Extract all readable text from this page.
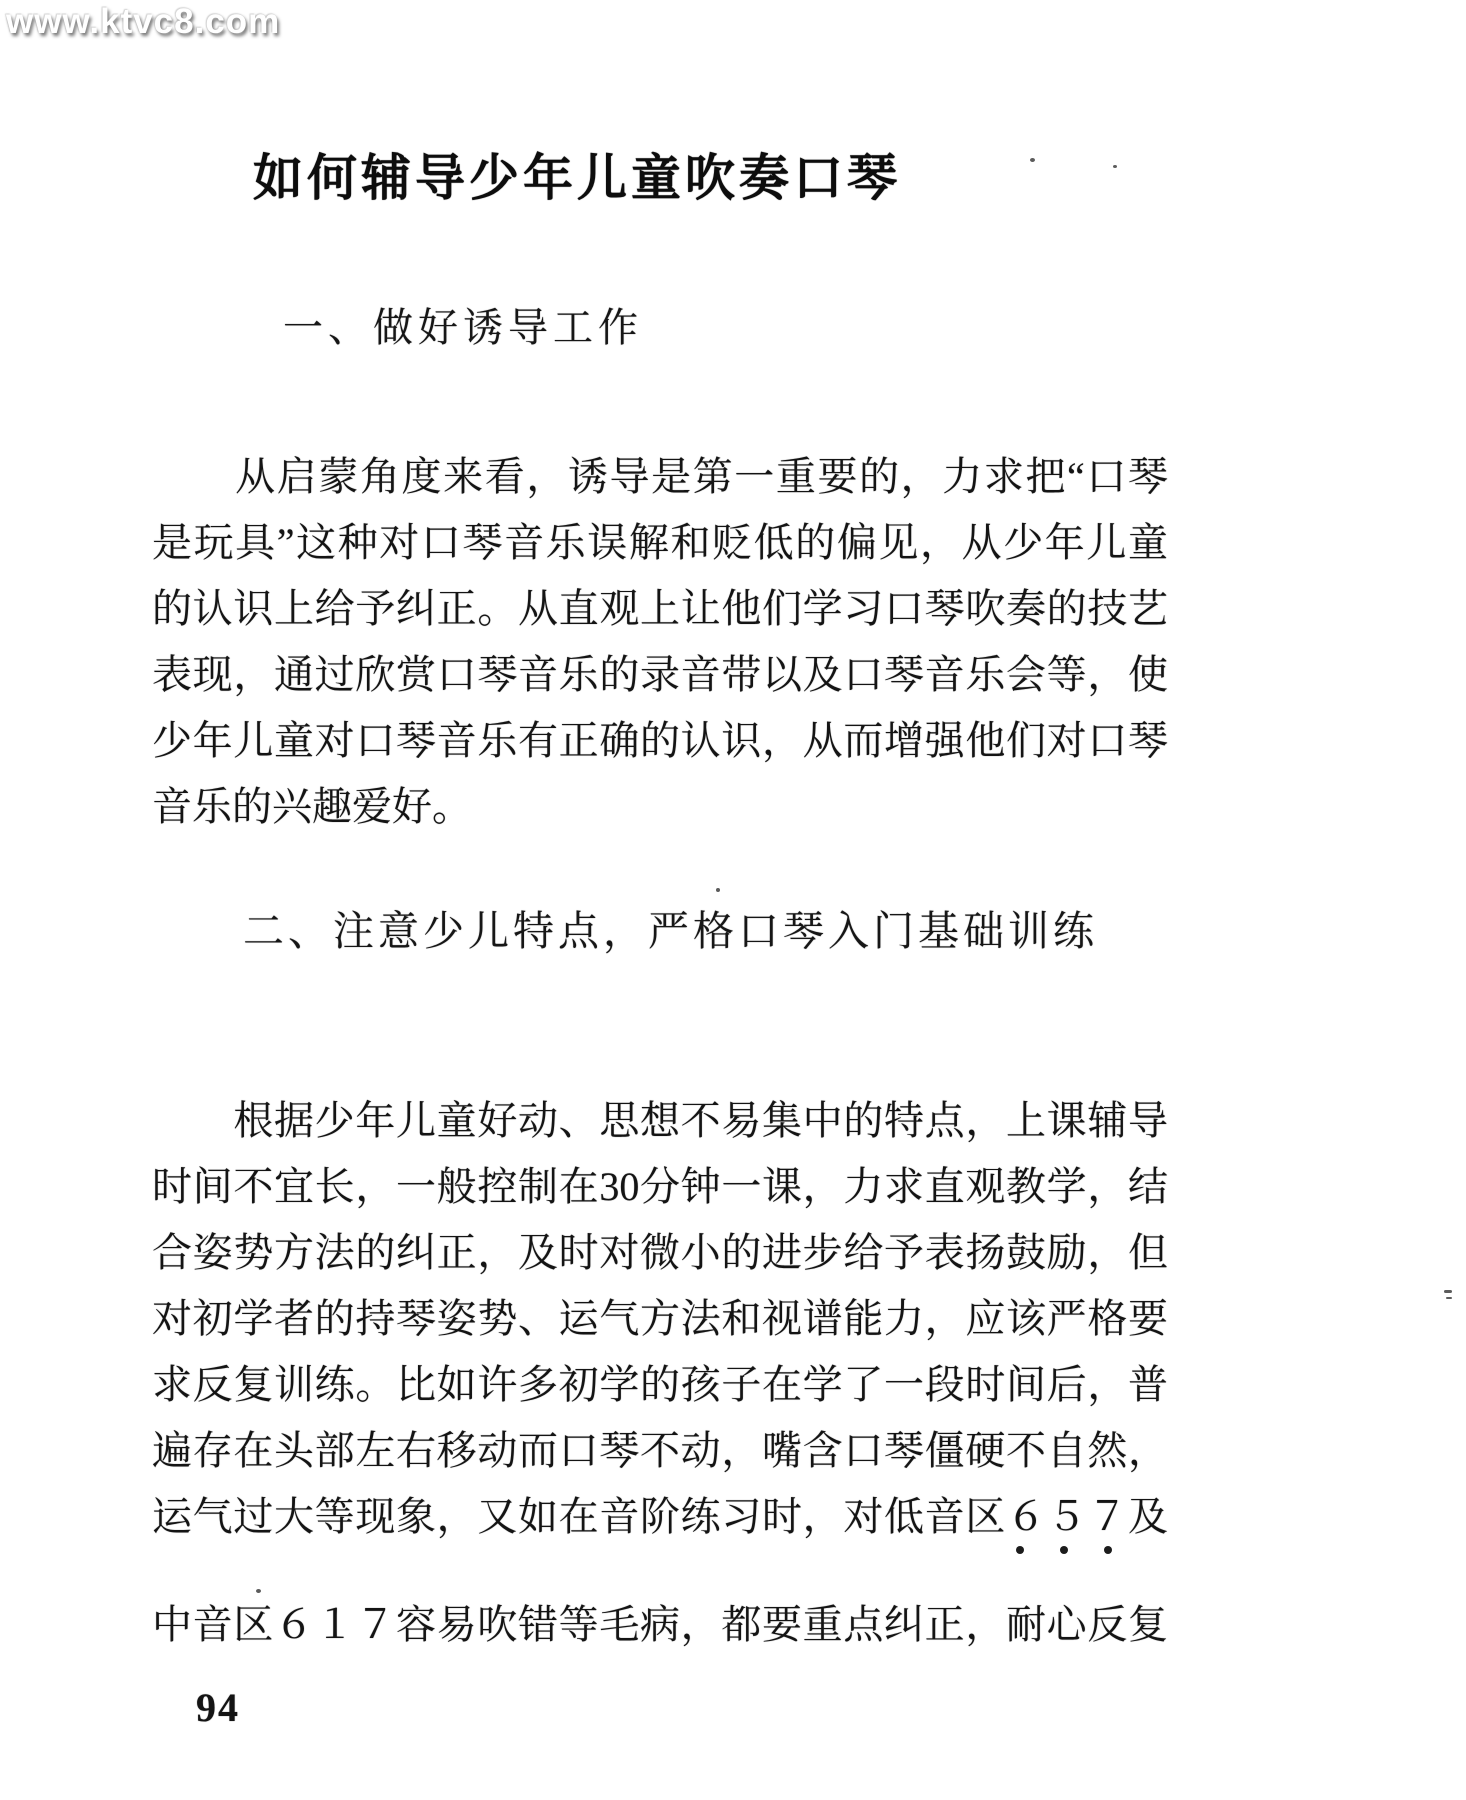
www.ktvc8.com
如何辅导少年儿童吹奏口琴
一、做好诱导工作
　　从启蒙角度来看，诱导是第一重要的，力求把“口琴
是玩具”这种对口琴音乐误解和贬低的偏见，从少年儿童
的认识上给予纠正。从直观上让他们学习口琴吹奏的技艺
表现，通过欣赏口琴音乐的录音带以及口琴音乐会等，使
少年儿童对口琴音乐有正确的认识，从而增强他们对口琴
音乐的兴趣爱好。
二、注意少儿特点，严格口琴入门基础训练
　　根据少年儿童好动、思想不易集中的特点，上课辅导
时间不宜长，一般控制在30分钟一课，力求直观教学，结
合姿势方法的纠正，及时对微小的进步给予表扬鼓励，但
对初学者的持琴姿势、运气方法和视谱能力，应该严格要
求反复训练。比如许多初学的孩子在学了一段时间后，普
遍存在头部左右移动而口琴不动，嘴含口琴僵硬不自然，
运气过大等现象，又如在音阶练习时，对低音区６５７及
中音区６１７容易吹错等毛病，都要重点纠正，耐心反复
94
